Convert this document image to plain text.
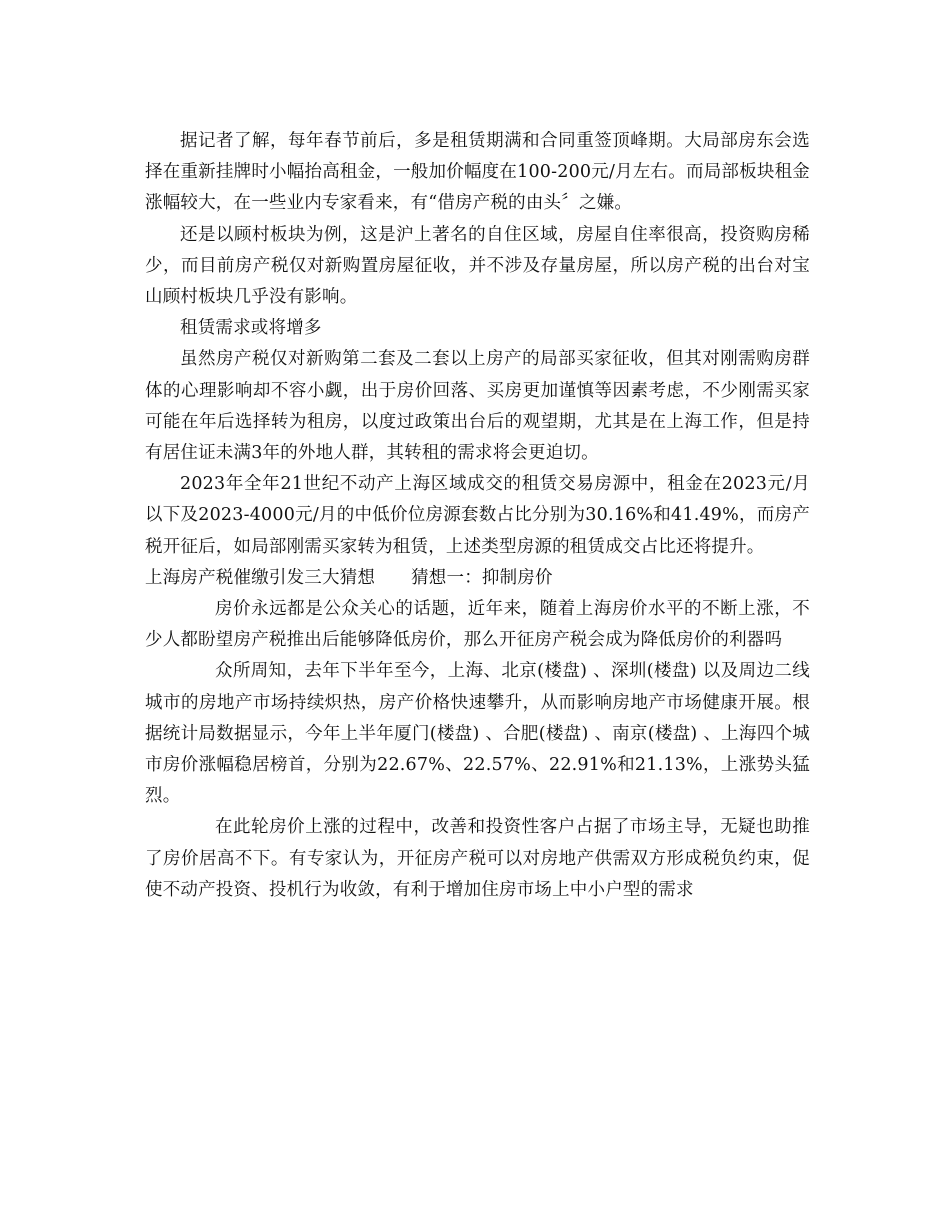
据记者了解，每年春节前后，多是租赁期满和合同重签顶峰期。大局部房东会选择在重新挂牌时小幅抬高租金，一般加价幅度在100-200元/月左右。而局部板块租金涨幅较大，在一些业内专家看来，有“借房产税的由头〞之嫌。

还是以顾村板块为例，这是沪上著名的自住区域，房屋自住率很高，投资购房稀少，而目前房产税仅对新购置房屋征收，并不涉及存量房屋，所以房产税的出台对宝山顾村板块几乎没有影响。

租赁需求或将增多

虽然房产税仅对新购第二套及二套以上房产的局部买家征收，但其对刚需购房群体的心理影响却不容小觑，出于房价回落、买房更加谨慎等因素考虑，不少刚需买家可能在年后选择转为租房，以度过政策出台后的观望期，尤其是在上海工作，但是持有居住证未满3年的外地人群，其转租的需求将会更迫切。

2023年全年21世纪不动产上海区域成交的租赁交易房源中，租金在2023元/月以下及2023-4000元/月的中低价位房源套数占比分别为30.16%和41.49%，而房产税开征后，如局部刚需买家转为租赁，上述类型房源的租赁成交占比还将提升。

上海房产税催缴引发三大猜想 猜想一：抑制房价

房价永远都是公众关心的话题，近年来，随着上海房价水平的不断上涨，不少人都盼望房产税推出后能够降低房价，那么开征房产税会成为降低房价的利器吗

众所周知，去年下半年至今，上海、北京(楼盘) 、深圳(楼盘) 以及周边二线城市的房地产市场持续炽热，房产价格快速攀升，从而影响房地产市场健康开展。根据统计局数据显示，今年上半年厦门(楼盘) 、合肥(楼盘) 、南京(楼盘) 、上海四个城市房价涨幅稳居榜首，分别为22.67%、22.57%、22.91%和21.13%，上涨势头猛烈。

在此轮房价上涨的过程中，改善和投资性客户占据了市场主导，无疑也助推了房价居高不下。有专家认为，开征房产税可以对房地产供需双方形成税负约束，促使不动产投资、投机行为收敛，有利于增加住房市场上中小户型的需求
